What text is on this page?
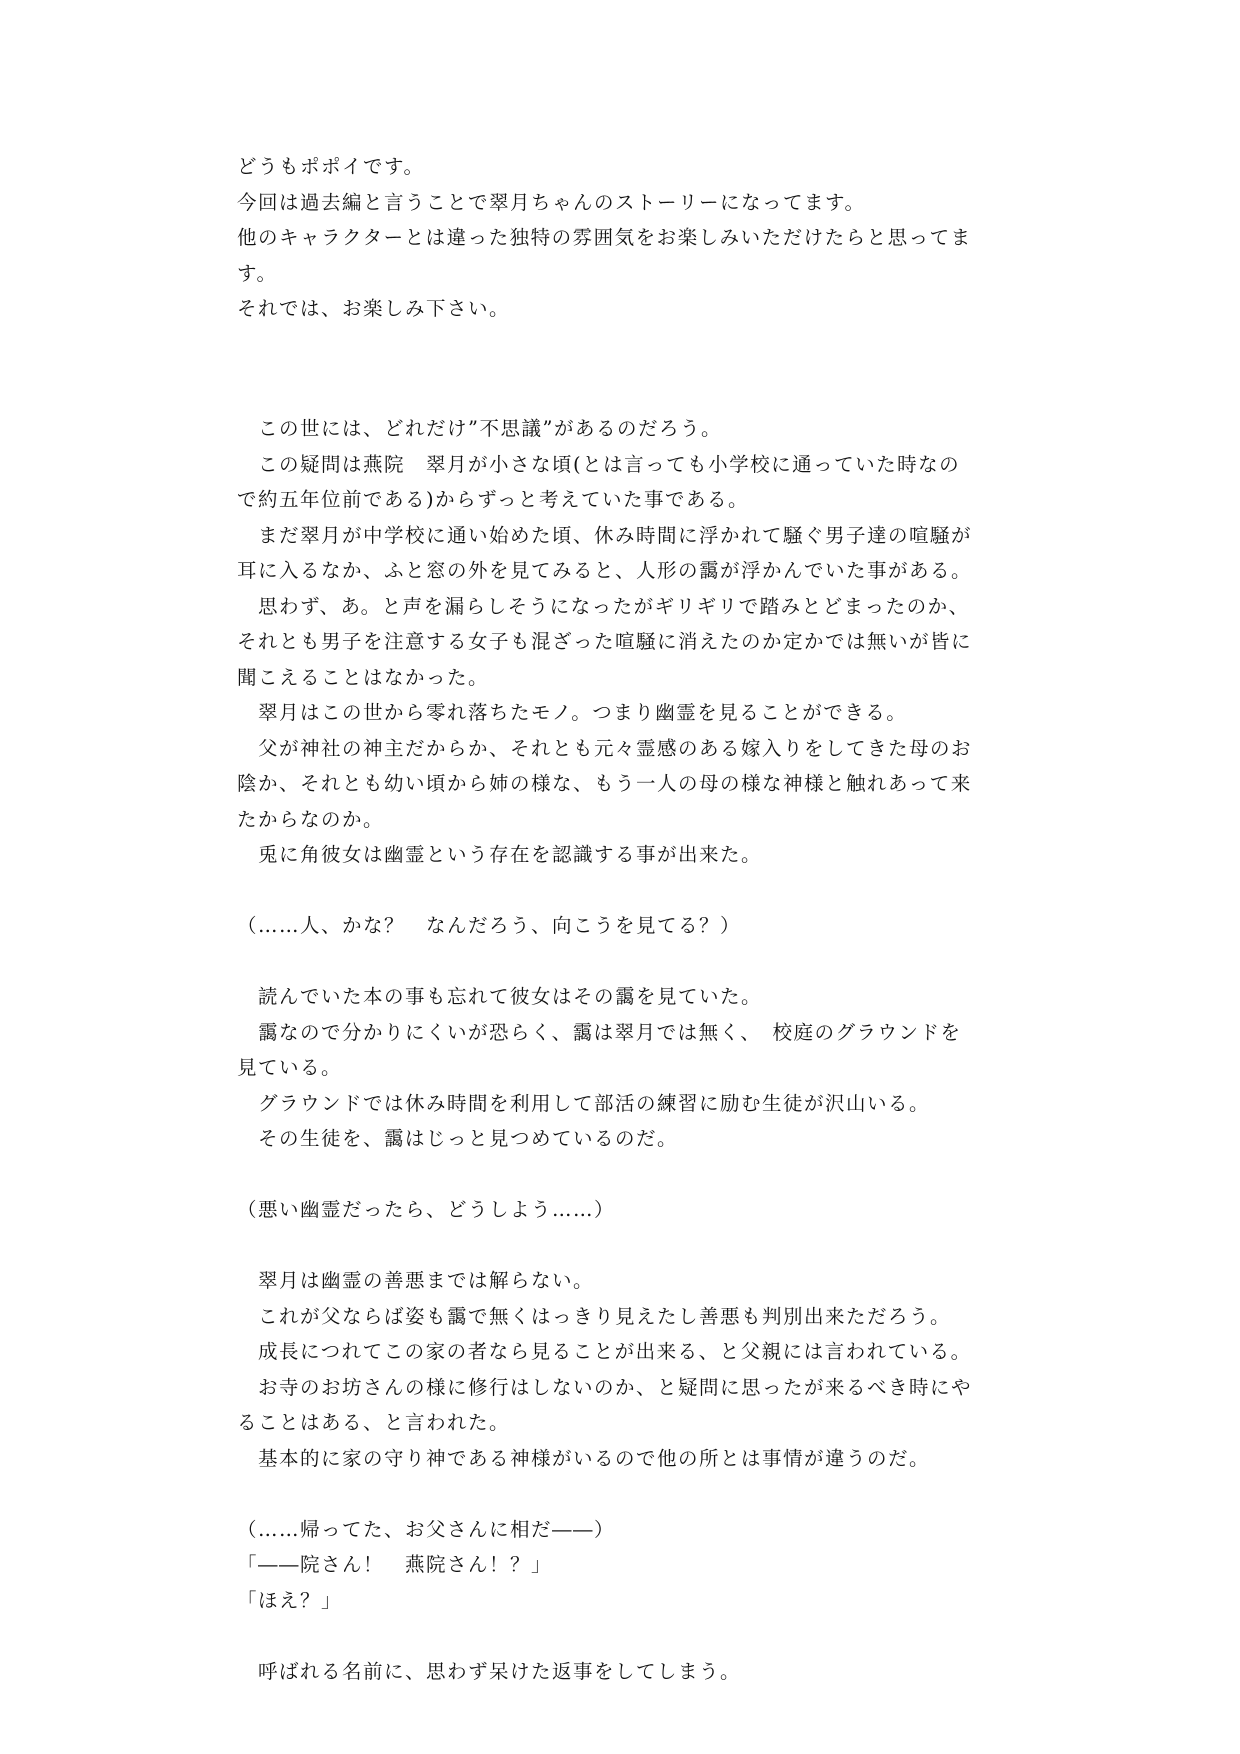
どうもポポイです。
今回は過去編と言うことで翠月ちゃんのストーリーになってます。
他のキャラクターとは違った独特の雰囲気をお楽しみいただけたらと思ってま
す。
それでは、お楽しみ下さい。
　この世には、どれだけ”不思議”があるのだろう。
　この疑問は燕院　翠月が小さな頃(とは言っても小学校に通っていた時なの
で約五年位前である)からずっと考えていた事である。
　まだ翠月が中学校に通い始めた頃、休み時間に浮かれて騒ぐ男子達の喧騒が
耳に入るなか、ふと窓の外を見てみると、人形の靄が浮かんでいた事がある。
　思わず、あ。と声を漏らしそうになったがギリギリで踏みとどまったのか、
それとも男子を注意する女子も混ざった喧騒に消えたのか定かでは無いが皆に
聞こえることはなかった。
　翠月はこの世から零れ落ちたモノ。つまり幽霊を見ることができる。
　父が神社の神主だからか、それとも元々霊感のある嫁入りをしてきた母のお
陰か、それとも幼い頃から姉の様な、もう一人の母の様な神様と触れあって来
たからなのか。
　兎に角彼女は幽霊という存在を認識する事が出来た。
（……人、かな？　なんだろう、向こうを見てる？）
　読んでいた本の事も忘れて彼女はその靄を見ていた。
　靄なので分かりにくいが恐らく、靄は翠月では無く、　校庭のグラウンドを
見ている。
　グラウンドでは休み時間を利用して部活の練習に励む生徒が沢山いる。
　その生徒を、靄はじっと見つめているのだ。
（悪い幽霊だったら、どうしよう……）
　翠月は幽霊の善悪までは解らない。
　これが父ならば姿も靄で無くはっきり見えたし善悪も判別出来ただろう。
　成長につれてこの家の者なら見ることが出来る、と父親には言われている。
　お寺のお坊さんの様に修行はしないのか、と疑問に思ったが来るべき時にや
ることはある、と言われた。
　基本的に家の守り神である神様がいるので他の所とは事情が違うのだ。
（……帰ってた、お父さんに相だ――）
「――院さん！　燕院さん！？」
「ほえ？」
　呼ばれる名前に、思わず呆けた返事をしてしまう。
